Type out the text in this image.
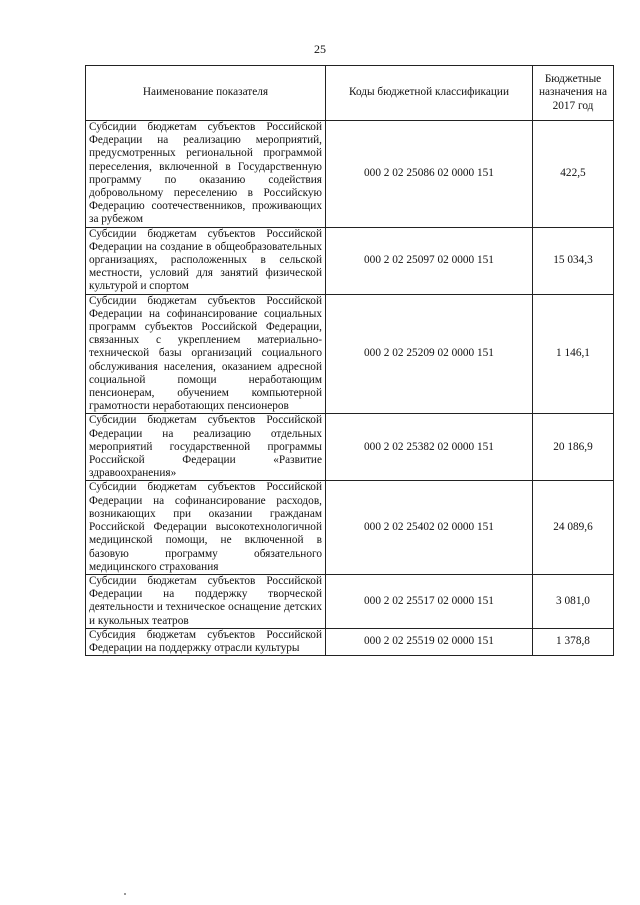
25
Наименование показателя	Коды бюджетной классификации	Бюджетные назначения на 2017 год
Субсидии бюджетам субъектов Российской Федерации на реализацию мероприятий, предусмотренных региональной программой переселения, включенной в Государственную программу по оказанию содействия добровольному переселению в Российскую Федерацию соотечественников, проживающих за рубежом	000 2 02 25086 02 0000 151	422,5
Субсидии бюджетам субъектов Российской Федерации на создание в общеобразовательных организациях, расположенных в сельской местности, условий для занятий физической культурой и спортом	000 2 02 25097 02 0000 151	15 034,3
Субсидии бюджетам субъектов Российской Федерации на софинансирование социальных программ субъектов Российской Федерации, связанных с укреплением материально-технической базы организаций социального обслуживания населения, оказанием адресной социальной помощи неработающим пенсионерам, обучением компьютерной грамотности неработающих пенсионеров	000 2 02 25209 02 0000 151	1 146,1
Субсидии бюджетам субъектов Российской Федерации на реализацию отдельных мероприятий государственной программы Российской Федерации «Развитие здравоохранения»	000 2 02 25382 02 0000 151	20 186,9
Субсидии бюджетам субъектов Российской Федерации на софинансирование расходов, возникающих при оказании гражданам Российской Федерации высокотехнологичной медицинской помощи, не включенной в базовую программу обязательного медицинского страхования	000 2 02 25402 02 0000 151	24 089,6
Субсидии бюджетам субъектов Российской Федерации на поддержку творческой деятельности и техническое оснащение детских и кукольных театров	000 2 02 25517 02 0000 151	3 081,0
Субсидия бюджетам субъектов Российской Федерации на поддержку отрасли культуры	000 2 02 25519 02 0000 151	1 378,8
